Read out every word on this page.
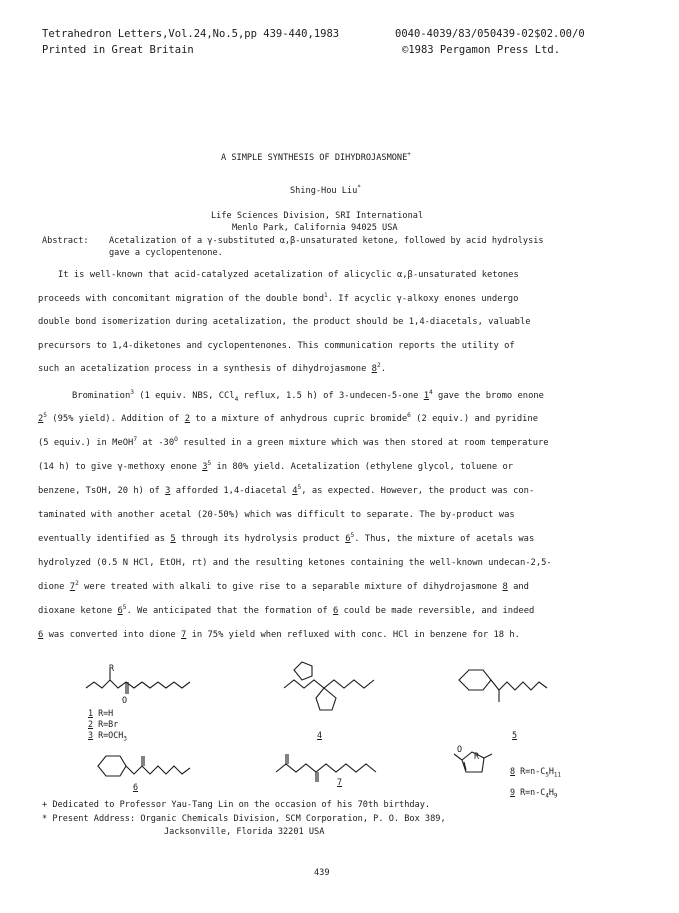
Tetrahedron Letters,Vol.24,No.5,pp 439-440,1983	0040-4039/83/050439-02$02.00/0
Printed in Great Britain	©1983 Pergamon Press Ltd.
A SIMPLE SYNTHESIS OF DIHYDROJASMONE+
Shing-Hou Liu*
Life Sciences Division, SRI International
Menlo Park, California 94025 USA
Abstract: Acetalization of a γ-substituted α,β-unsaturated ketone, followed by acid hydrolysis
gave a cyclopentenone.
It is well-known that acid-catalyzed acetalization of alicyclic α,β-unsaturated ketones
proceeds with concomitant migration of the double bond$^1$. If acyclic γ-alkoxy enones undergo
double bond isomerization during acetalization, the product should be 1,4-diacetals, valuable
precursors to 1,4-diketones and cyclopentenones. This communication reports the utility of
such an acetalization process in a synthesis of dihydrojasmone $8^2$.
Bromination$^3$ (1 equiv. NBS, CCl$_4$ reflux, 1.5 h) of 3-undecen-5-one $1^4$ gave the bromo enone
$2^5$ (95% yield). Addition of 2 to a mixture of anhydrous cupric bromide$^6$ (2 equiv.) and pyridine
(5 equiv.) in MeOH$^7$ at $-30^O$ resulted in a green mixture which was then stored at room temperature
(14 h) to give γ-methoxy enone $3^5$ in 80% yield. Acetalization (ethylene glycol, toluene or
benzene, TsOH, 20 h) of 3 afforded 1,4-diacetal $4^5$, as expected. However, the product was con-
taminated with another acetal (20-50%) which was difficult to separate. The by-product was
eventually identified as 5 through its hydrolysis product $6^5$. Thus, the mixture of acetals was
hydrolyzed (0.5 N HCl, EtOH, rt) and the resulting ketones containing the well-known undecan-2,5-
dione $7^2$ were treated with alkali to give rise to a separable mixture of dihydrojasmone 8 and
dioxane ketone $6^5$. We anticipated that the formation of 6 could be made reversible, and indeed
6 was converted into dione 7 in 75% yield when refluxed with conc. HCl in benzene for 18 h.
R
O
1 R=H
2 R=Br
3 $R=OCH_3$	4	5
6	7
R
O
8 $R=n-C_5H_{11}$
9 $R=n-C_4H_9$
+ Dedicated to Professor Yau-Tang Lin on the occasion of his 70th birthday.
* Present Address: Organic Chemicals Division, SCM Corporation, P. O. Box 389,
Jacksonville, Florida 32201 USA
439
